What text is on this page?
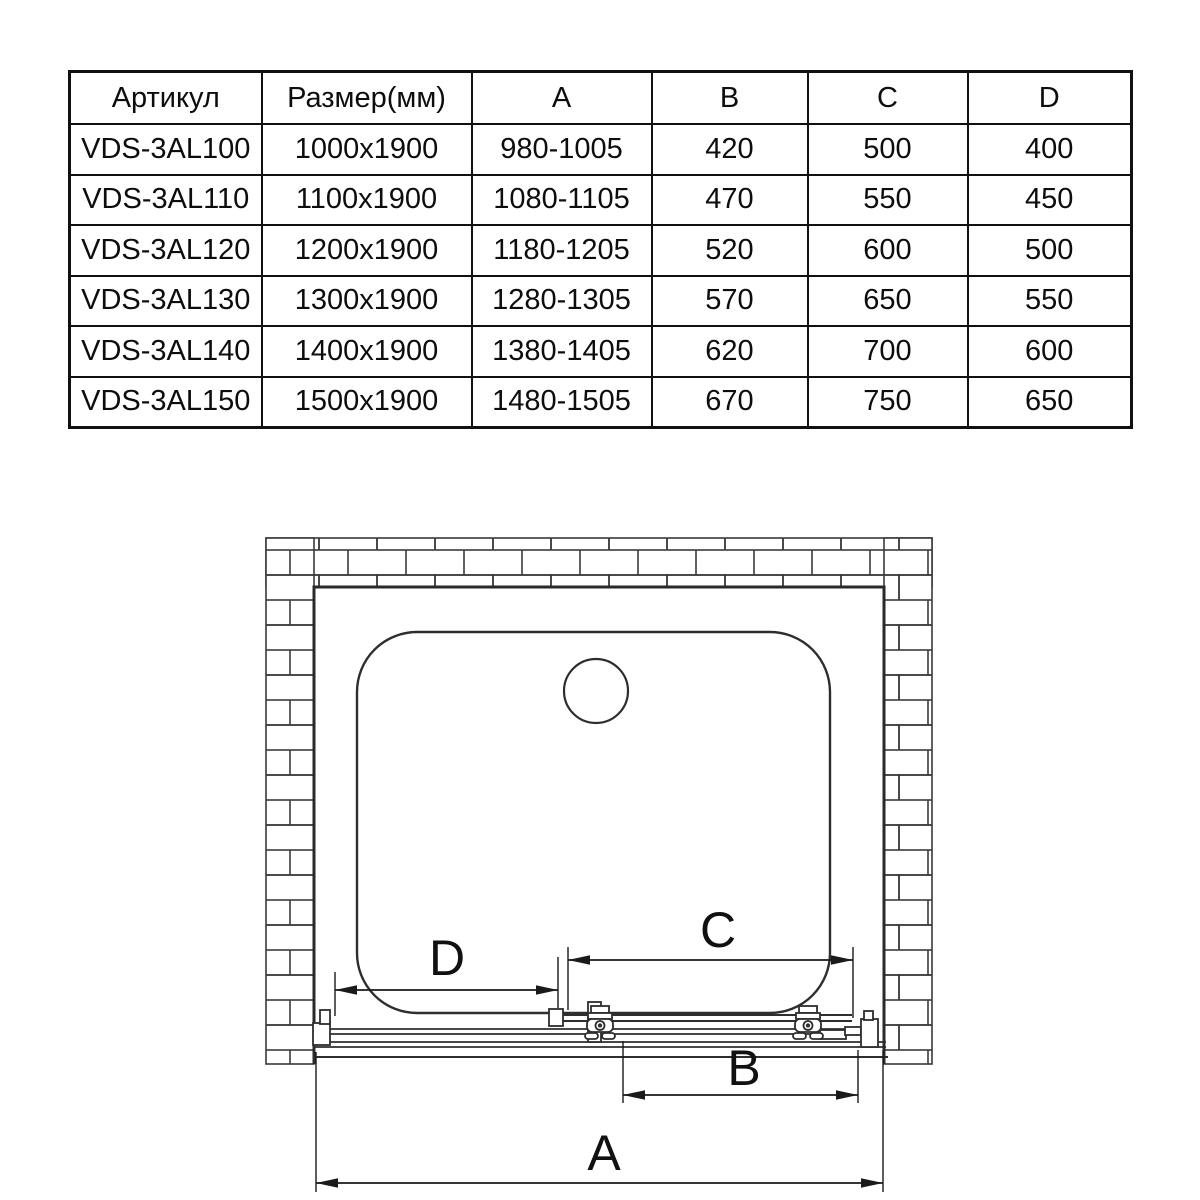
Артикул	Размер(мм)	A	B	C	D
VDS-3AL100	1000x1900	980-1005	420	500	400
VDS-3AL110	1100x1900	1080-1105	470	550	450
VDS-3AL120	1200x1900	1180-1205	520	600	500
VDS-3AL130	1300x1900	1280-1305	570	650	550
VDS-3AL140	1400x1900	1380-1405	620	700	600
VDS-3AL150	1500x1900	1480-1505	670	750	650
D	C
B
A
